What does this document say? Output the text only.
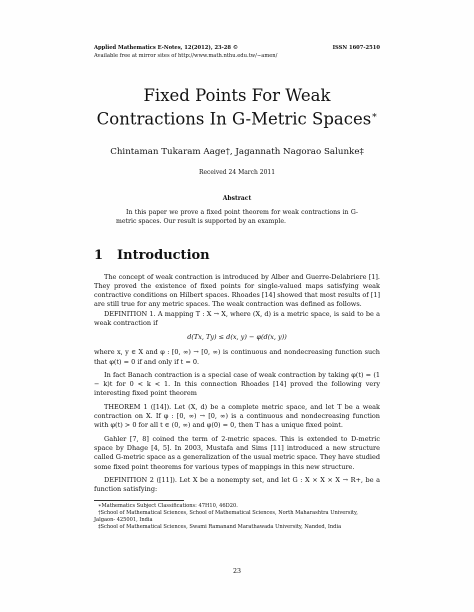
Applied Mathematics E-Notes, 12(2012), 23-28 ©	ISSN 1607-2510
Available free at mirror sites of http://www.math.nthu.edu.tw/∼amen/
Fixed Points For Weak Contractions In G-Metric Spaces∗
Chintaman Tukaram Aage†, Jagannath Nagorao Salunke‡
Received 24 March 2011
Abstract
In this paper we prove a fixed point theorem for weak contractions in G-metric spaces. Our result is supported by an example.
1 Introduction

The concept of weak contraction is introduced by Alber and Guerre-Delabriere [1]. They proved the existence of fixed points for single-valued maps satisfying weak contractive conditions on Hilbert spaces. Rhoades [14] showed that most results of [1] are still true for any metric spaces. The weak contraction was defined as follows.

DEFINITION 1. A mapping T : X → X, where (X, d) is a metric space, is said to be a weak contraction if

d(Tx, Ty) ≤ d(x, y) − φ(d(x, y))

where x, y ∈ X and φ : [0, ∞) → [0, ∞) is continuous and nondecreasing function such that φ(t) = 0 if and only if t = 0.

In fact Banach contraction is a special case of weak contraction by taking φ(t) = (1 − k)t for 0 < k < 1. In this connection Rhoades [14] proved the following very interesting fixed point theorem

THEOREM 1 ([14]). Let (X, d) be a complete metric space, and let T be a weak contraction on X. If φ : [0, ∞) → [0, ∞) is a continuous and nondecreasing function with φ(t) > 0 for all t ∈ (0, ∞) and φ(0) = 0, then T has a unique fixed point.

Gahler [7, 8] coined the term of 2-metric spaces. This is extended to D-metric space by Dhage [4, 5]. In 2003, Mustafa and Sims [11] introduced a new structure called G-metric space as a generalization of the usual metric space. They have studied some fixed point theorems for various types of mappings in this new structure.

DEFINITION 2 ([11]). Let X be a nonempty set, and let G : X × X × X → R+, be a function satisfying:

∗Mathematics Subject Classifications: 47H10, 46D20.
†School of Mathematical Sciences, School of Mathematical Sciences, North Maharashtra University, Jalgaon- 425001, India
‡School of Mathematical Sciences, Swami Ramanand Marathawada University, Nanded, India
23
